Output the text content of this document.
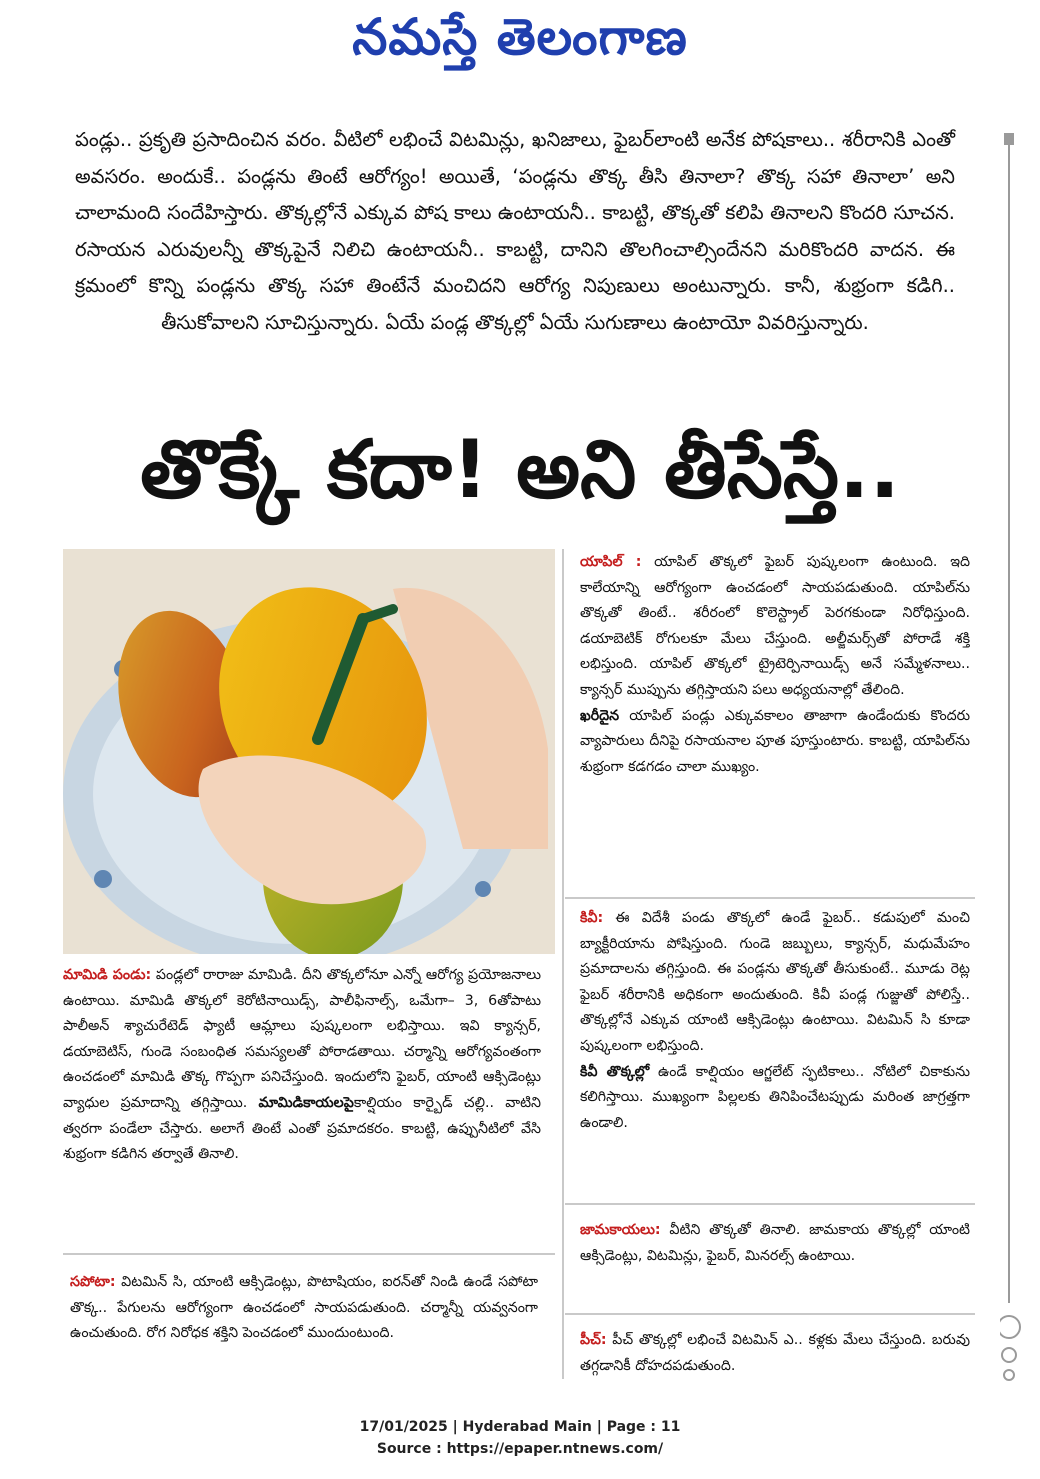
నమస్తే తెలంగాణ
పండ్లు.. ప్రకృతి ప్రసాదించిన వరం. వీటిలో లభించే విటమిన్లు, ఖనిజాలు, ఫైబర్‌లాంటి అనేక పోషకాలు.. శరీరానికి ఎంతో అవసరం. అందుకే.. పండ్లను తింటే ఆరోగ్యం! అయితే, ‘పండ్లను తొక్క తీసి తినాలా? తొక్క సహా తినాలా’ అని చాలామంది సందేహిస్తారు. తొక్కల్లోనే ఎక్కువ పోష కాలు ఉంటాయనీ.. కాబట్టి, తొక్కతో కలిపి తినాలని కొందరి సూచన. రసాయన ఎరువులన్నీ తొక్కపైనే నిలిచి ఉంటాయనీ.. కాబట్టి, దానిని తొలగించాల్సిందేనని మరికొందరి వాదన. ఈ క్రమంలో కొన్ని పండ్లను తొక్క సహా తింటేనే మంచిదని ఆరోగ్య నిపుణులు అంటున్నారు. కానీ, శుభ్రంగా కడిగి.. తీసుకోవాలని సూచిస్తున్నారు. ఏయే పండ్ల తొక్కల్లో ఏయే సుగుణాలు ఉంటాయో వివరిస్తున్నారు.
తొక్కే కదా! అని తీసేస్తే..

మామిడి పండు: పండ్లలో రారాజు మామిడి. దీని తొక్కలోనూ ఎన్నో ఆరోగ్య ప్రయోజనాలు ఉంటాయి. మామిడి తొక్కలో కెరోటినాయిడ్స్, పాలీఫినాల్స్, ఒమేగా– 3, 6తోపాటు పాలీఅన్ శ్యాచురేటెడ్ ఫ్యాటీ ఆమ్లాలు పుష్కలంగా లభిస్తాయి. ఇవి క్యాన్సర్, డయాబెటిస్, గుండె సంబంధిత సమస్యలతో పోరాడతాయి. చర్మాన్ని ఆరోగ్యవంతంగా ఉంచడంలో మామిడి తొక్క గొప్పగా పనిచేస్తుంది. ఇందులోని ఫైబర్, యాంటి ఆక్సిడెంట్లు వ్యాధుల ప్రమాదాన్ని తగ్గిస్తాయి. మామిడికాయలపైకాల్షియం కార్బైడ్ చల్లి.. వాటిని త్వరగా పండేలా చేస్తారు. అలాగే తింటే ఎంతో ప్రమాదకరం. కాబట్టి, ఉప్పునీటిలో వేసి శుభ్రంగా కడిగిన తర్వాతే తినాలి.

సపోటా: విటమిన్ సి, యాంటి ఆక్సిడెంట్లు, పొటాషియం, ఐరన్‌తో నిండి ఉండే సపోటా తొక్క.. పేగులను ఆరోగ్యంగా ఉంచడంలో సాయపడుతుంది. చర్మాన్నీ యవ్వనంగా ఉంచుతుంది. రోగ నిరోధక శక్తిని పెంచడంలో ముందుంటుంది.

యాపిల్ : యాపిల్ తొక్కలో ఫైబర్ పుష్కలంగా ఉంటుంది. ఇది కాలేయాన్ని ఆరోగ్యంగా ఉంచడంలో సాయపడుతుంది. యాపిల్‌ను తొక్కతో తింటే.. శరీరంలో కొలెస్ట్రాల్ పెరగకుండా నిరోధిస్తుంది. డయాబెటిక్ రోగులకూ మేలు చేస్తుంది. అల్జీమర్స్‌తో పోరాడే శక్తి లభిస్తుంది. యాపిల్ తొక్కలో ట్రైటెర్పినాయిడ్స్ అనే సమ్మేళనాలు.. క్యాన్సర్ ముప్పును తగ్గిస్తాయని పలు అధ్యయనాల్లో తేలింది.

ఖరీదైన యాపిల్ పండ్లు ఎక్కువకాలం తాజాగా ఉండేందుకు కొందరు వ్యాపారులు దీనిపై రసాయనాల పూత పూస్తుంటారు. కాబట్టి, యాపిల్‌ను శుభ్రంగా కడగడం చాలా ముఖ్యం.

కివీ: ఈ విదేశీ పండు తొక్కలో ఉండే ఫైబర్.. కడుపులో మంచి బ్యాక్టీరియాను పోషిస్తుంది. గుండె జబ్బులు, క్యాన్సర్, మధుమేహం ప్రమాదాలను తగ్గిస్తుంది. ఈ పండ్లను తొక్కతో తీసుకుంటే.. మూడు రెట్ల ఫైబర్ శరీరానికి అధికంగా అందుతుంది. కివీ పండ్ల గుజ్జుతో పోలిస్తే.. తొక్కల్లోనే ఎక్కువ యాంటి ఆక్సిడెంట్లు ఉంటాయి. విటమిన్ సి కూడా పుష్కలంగా లభిస్తుంది.

కివీ తొక్కల్లో ఉండే కాల్షియం ఆగ్జలేట్ స్ఫటికాలు.. నోటిలో చికాకును కలిగిస్తాయి. ముఖ్యంగా పిల్లలకు తినిపించేటప్పుడు మరింత జాగ్రత్తగా ఉండాలి.

జామకాయలు: వీటిని తొక్కతో తినాలి. జామకాయ తొక్కల్లో యాంటి ఆక్సిడెంట్లు, విటమిన్లు, ఫైబర్, మినరల్స్ ఉంటాయి.

పీచ్: పీచ్ తొక్కల్లో లభించే విటమిన్ ఎ.. కళ్లకు మేలు చేస్తుంది. బరువు తగ్గడానికీ దోహదపడుతుంది.

17/01/2025 | Hyderabad Main | Page : 11
Source : https://epaper.ntnews.com/
